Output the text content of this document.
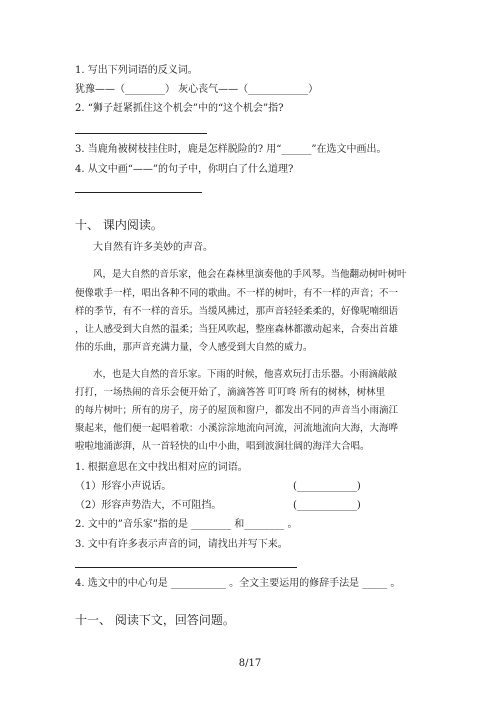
1. 写出下列词语的反义词。
犹豫——（________） 灰心丧气——（____________）
2. “狮子赶紧抓住这个机会”中的“这个机会”指?
3. 当鹿角被树枝挂住时，鹿是怎样脱险的? 用“______”在选文中画出。
4. 从文中画“——”的句子中，你明白了什么道理?
十、 课内阅读。
大自然有许多美妙的声音。
风，是大自然的音乐家，他会在森林里演奏他的手风琴。当他翻动树叶树叶
便像歌手一样，唱出各种不同的歌曲。不一样的树叶，有不一样的声音；不一
样的季节，有不一样的音乐。当缓风拂过，那声音轻轻柔柔的，好像呢喃细语
，让人感受到大自然的温柔；当狂风吹起，整座森林都激动起来，合奏出首雄
伟的乐曲，那声音充满力量，令人感受到大自然的威力。
水，也是大自然的音乐家。下雨的时候，他喜欢玩打击乐器。小雨滴敲敲
打打，一场热闹的音乐会便开始了，滴滴答答 叮叮咚 所有的树林，树林里
的每片树叶；所有的房子，房子的屋顶和窗户，都发出不同的声音当小雨滴江
聚起来，他们便一起唱着歌：小溪淙淙地流向河流，河流地流向大海，大海哗
啦啦地涌澎湃，从一首轻快的山中小曲，唱到波涧壮阔的海洋大合唱。
1. 根据意思在文中找出相对应的词语。
（1）形容小声说话。	(____________)
（2）形容声势浩大，不可阻挡。	(____________)
2. 文中的”音乐家”指的是 ________ 和________ 。
3. 文中有许多表示声音的词，请找出并写下来。
4. 选文中的中心句是 ___________ 。全文主要运用的修辞手法是 _____ 。
十一、 阅读下文，回答问题。
8/17
